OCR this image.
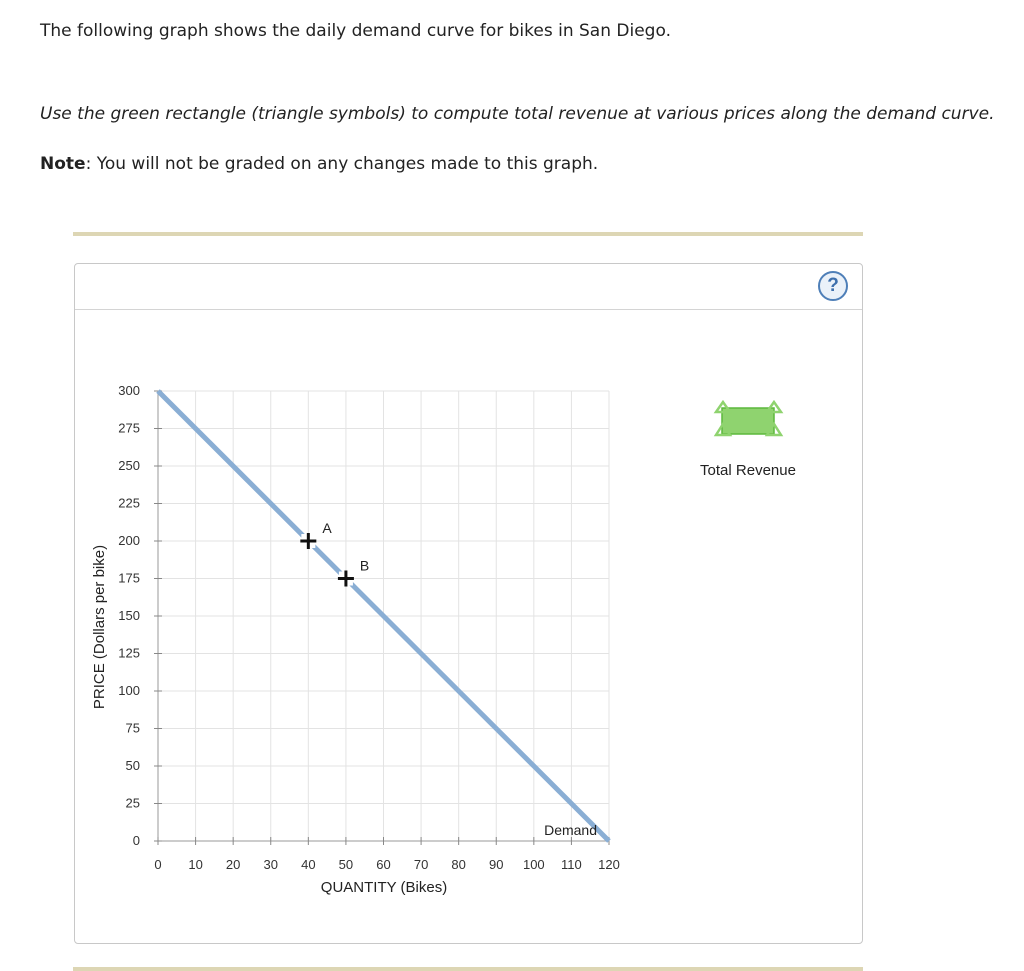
The following graph shows the daily demand curve for bikes in San Diego.
Use the green rectangle (triangle symbols) to compute total revenue at various prices along the demand curve.
Note: You will not be graded on any changes made to this graph.
?
0
25
50
75
100
125
150
175
200
225
250
275
300
0 10 20 30 40 50 60 70 80 90 100 110 120
Demand
A
B
QUANTITY (Bikes)
PRICE (Dollars per bike)
Total Revenue
